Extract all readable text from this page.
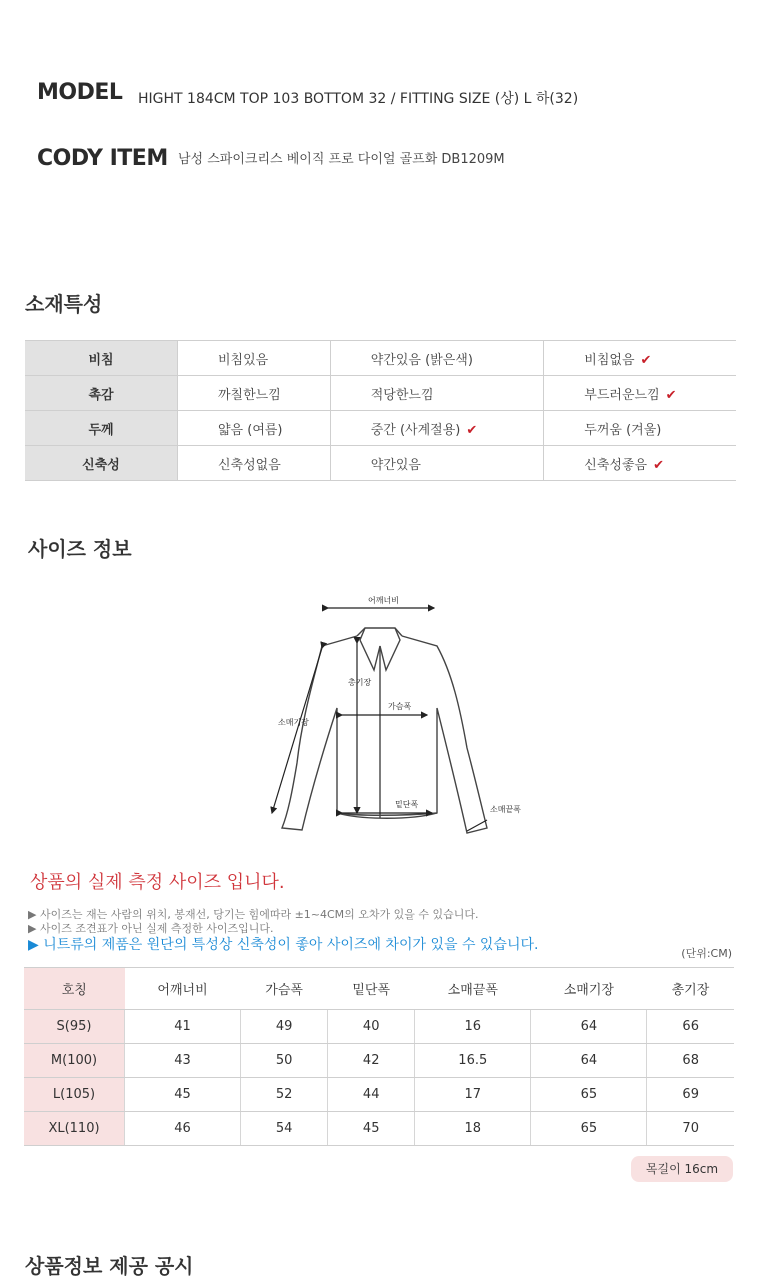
MODEL HIGHT 184CM TOP 103 BOTTOM 32 / FITTING SIZE (상) L 하(32)
CODY ITEM 남성 스파이크리스 베이직 프로 다이얼 골프화 DB1209M
소재특성
비침	비침있음	약간있음 (밝은색)	비침없음 ✔
촉감	까칠한느낌	적당한느낌	부드러운느낌 ✔
두께	얇음 (여름)	중간 (사계절용) ✔	두꺼움 (겨울)
신축성	신축성없음	약간있음	신축성좋음 ✔
사이즈 정보
어깨너비
총기장
가슴폭
소매기장
밑단폭
소매끝폭
상품의 실제 측정 사이즈 입니다.
▶ 사이즈는 재는 사람의 위치, 봉재선, 당기는 힘에따라 ±1~4CM의 오차가 있을 수 있습니다.
▶ 사이즈 조견표가 아닌 실제 측정한 사이즈입니다.
▶ 니트류의 제품은 원단의 특성상 신축성이 좋아 사이즈에 차이가 있을 수 있습니다.
(단위:CM)
호칭	어깨너비	가슴폭	밑단폭	소매끝폭	소매기장	총기장
S(95)	41	49	40	16	64	66
M(100)	43	50	42	16.5	64	68
L(105)	45	52	44	17	65	69
XL(110)	46	54	45	18	65	70
목길이 16cm
상품정보 제공 공시
